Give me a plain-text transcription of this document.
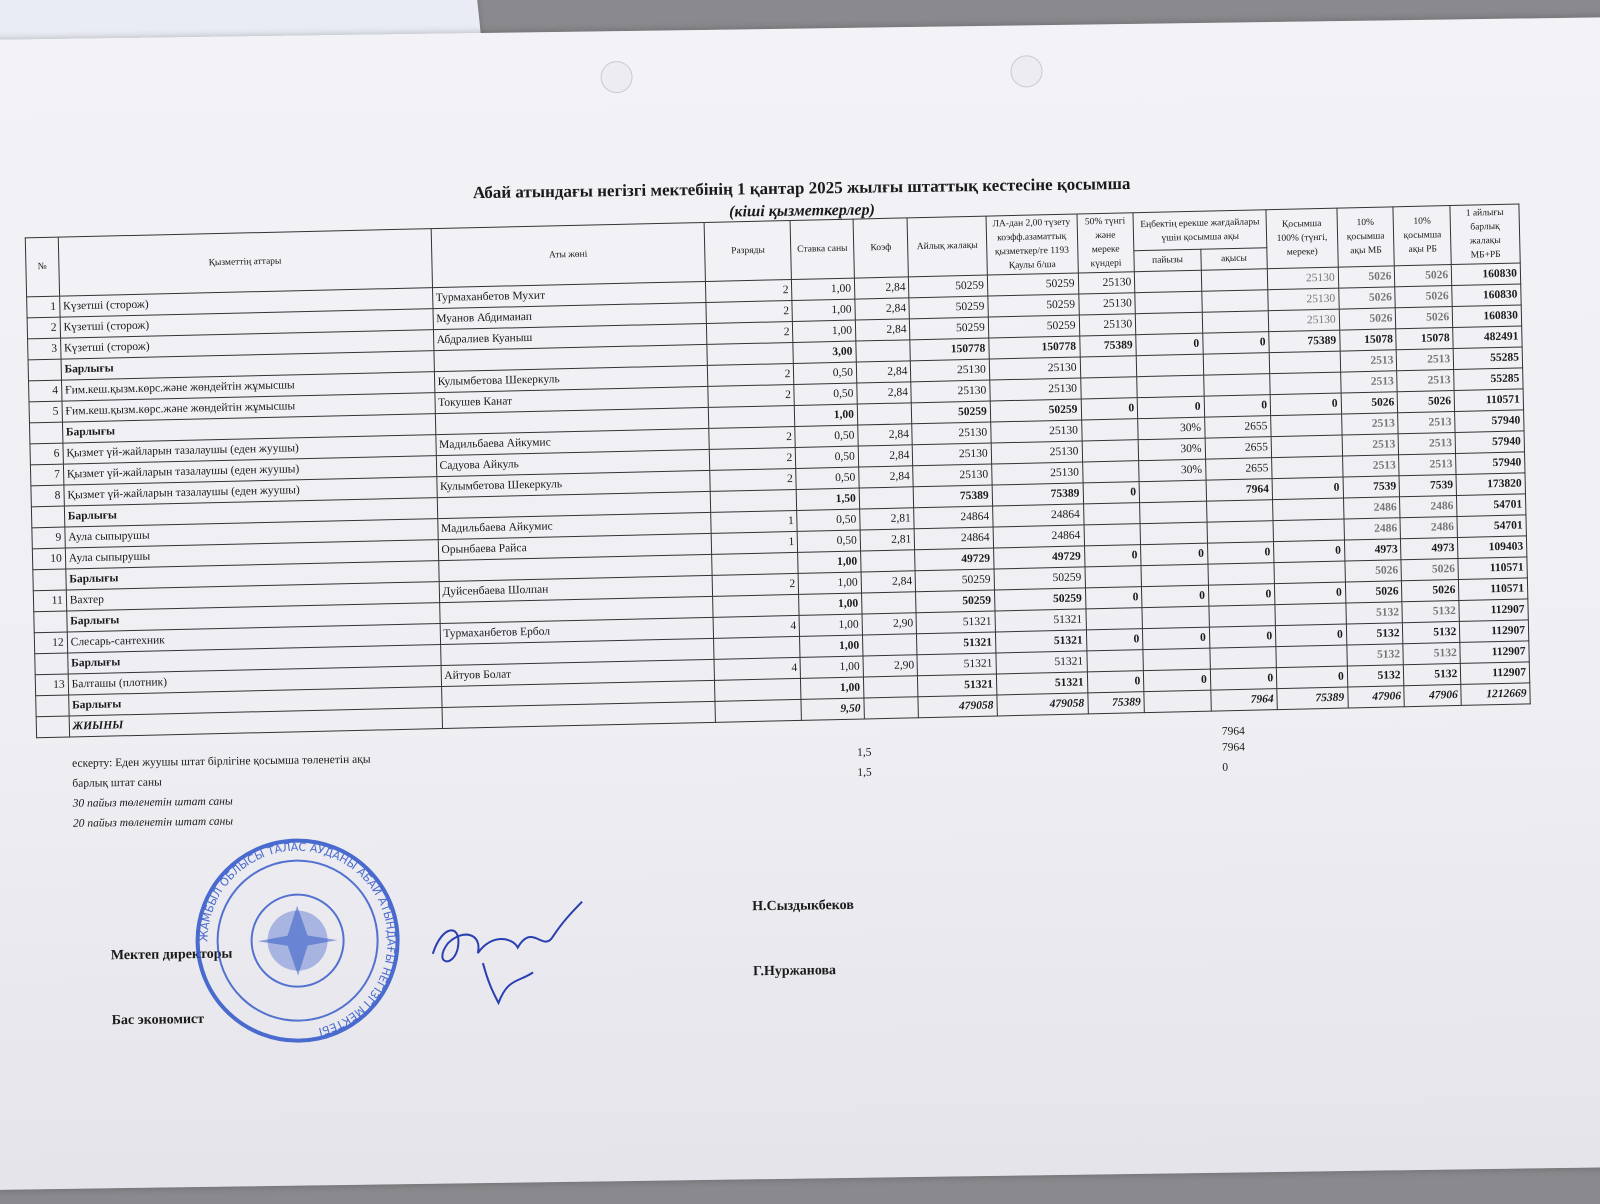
Абай атындағы негізгі мектебінің 1 қантар 2025 жылғы штаттық кестесіне қосымша
(кіші қызметкерлер)
№	Қызметтің аттары	Аты жөні	Разряды	Ставка саны	Коэф	Айлық жалақы	ЛА-дан 2,00 түзету коэфф.азаматтық қызметкер/ге 1193 Қаулы б/ша	50% түнгі және мереке күндері	Еңбектің ерекше жағдайлары үшін қосымша ақы		Қосымша 100% (түнгі, мереке)	10% қосымша ақы МБ	10% қосымша ақы РБ	1 айлығы барлық жалақы МБ+РБ
									пайызы	ақысы				
1	Күзетші (сторож)	Турмаханбетов Мухит	2	1,00	2,84	50259	50259	25130			25130	5026	5026	160830
2	Күзетші (сторож)	Муанов Абдимаиап	2	1,00	2,84	50259	50259	25130			25130	5026	5026	160830
3	Күзетші (сторож)	Абдралиев Куаныш	2	1,00	2,84	50259	50259	25130			25130	5026	5026	160830
	Барлығы			3,00		150778	150778	75389	0	0	75389	15078	15078	482491
4	Ғим.кеш.қызм.көрс.және жөндейтін жұмысшы	Кулымбетова Шекеркуль	2	0,50	2,84	25130	25130					2513	2513	55285
5	Ғим.кеш.қызм.көрс.және жөндейтін жұмысшы	Токушев Канат	2	0,50	2,84	25130	25130					2513	2513	55285
	Барлығы			1,00		50259	50259	0	0	0	0	5026	5026	110571
6	Қызмет үй-жайларын тазалаушы (еден жуушы)	Мадильбаева Айкумис	2	0,50	2,84	25130	25130		30%	2655		2513	2513	57940
7	Қызмет үй-жайларын тазалаушы (еден жуушы)	Садуова Айкуль	2	0,50	2,84	25130	25130		30%	2655		2513	2513	57940
8	Қызмет үй-жайларын тазалаушы (еден жуушы)	Кулымбетова Шекеркуль	2	0,50	2,84	25130	25130		30%	2655		2513	2513	57940
	Барлығы			1,50		75389	75389	0		7964	0	7539	7539	173820
9	Аула сыпырушы	Мадильбаева Айкумис	1	0,50	2,81	24864	24864					2486	2486	54701
10	Аула сыпырушы	Орынбаева Райса	1	0,50	2,81	24864	24864					2486	2486	54701
	Барлығы			1,00		49729	49729	0	0	0	0	4973	4973	109403
11	Вахтер	Дуйсенбаева Шолпан	2	1,00	2,84	50259	50259					5026	5026	110571
	Барлығы			1,00		50259	50259	0	0	0	0	5026	5026	110571
12	Слесарь-сантехник	Турмаханбетов Ербол	4	1,00	2,90	51321	51321					5132	5132	112907
	Барлығы			1,00		51321	51321	0	0	0	0	5132	5132	112907
13	Балташы (плотник)	Айтуов Болат	4	1,00	2,90	51321	51321					5132	5132	112907
	Барлығы			1,00		51321	51321	0	0	0	0	5132	5132	112907
	ЖИЫНЫ			9,50		479058	479058	75389		7964	75389	47906	47906	1212669
7964
ескерту: Еден жуушы штат бірлігіне қосымша төленетін ақы
1,5	7964
барлық штат саны
1,5	0
30 пайыз төленетін штат саны
20 пайыз төленетін штат саны
Мектеп директоры
Н.Сыздыкбеков
Бас экономист
Г.Нуржанова
ЖАМБЫЛ ОБЛЫСЫ ТАЛАС АУДАНЫ АБАЙ АТЫНДАҒЫ НЕГІЗГІ МЕКТЕБІ
